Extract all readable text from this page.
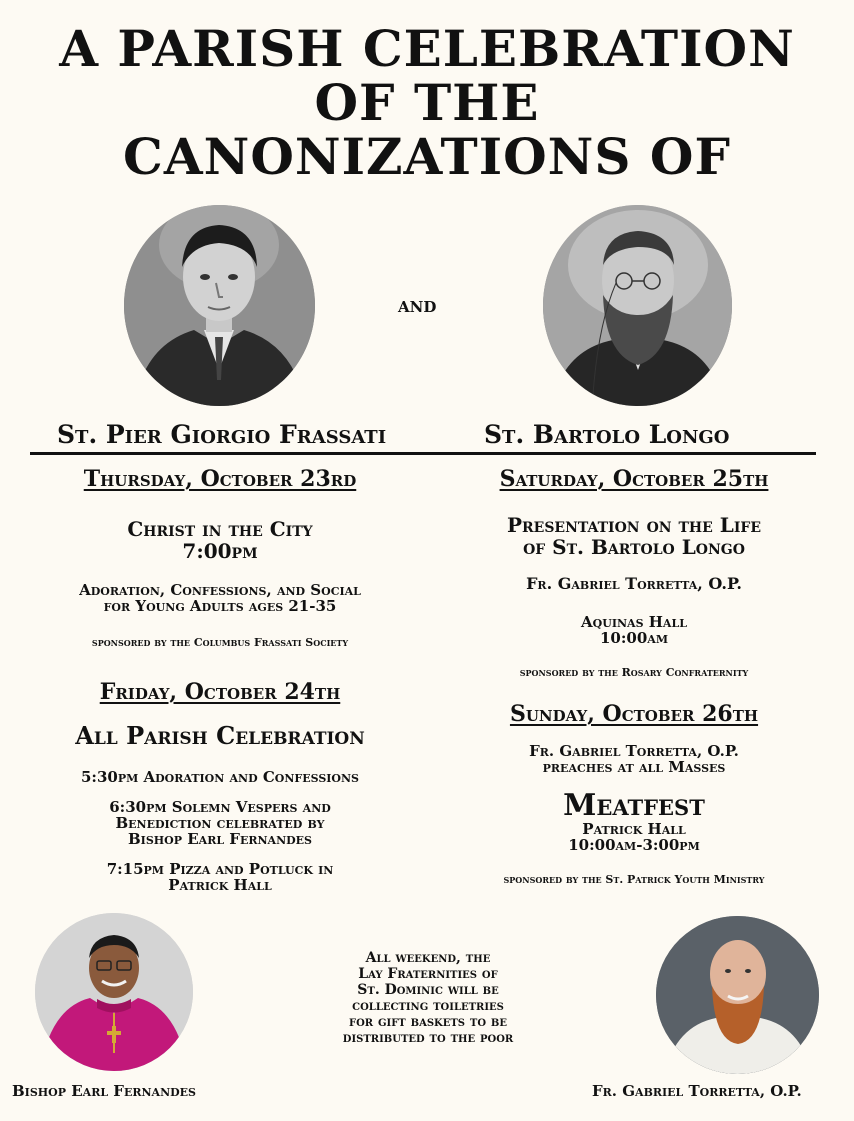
A PARISH CELEBRATION
OF THE
CANONIZATIONS OF
and
St. Pier Giorgio Frassati	St. Bartolo Longo
Thursday, October 23rd
Christ in the City
7:00pm
Adoration, Confessions, and Social
for Young Adults ages 21-35
sponsored by the Columbus Frassati Society
Friday, October 24th
All Parish Celebration
5:30pm Adoration and Confessions
6:30pm Solemn Vespers and
Benediction celebrated by
Bishop Earl Fernandes
7:15pm Pizza and Potluck in
Patrick Hall
Saturday, October 25th
Presentation on the Life
of St. Bartolo Longo
Fr. Gabriel Torretta, O.P.
Aquinas Hall
10:00am
sponsored by the Rosary Confraternity
Sunday, October 26th
Fr. Gabriel Torretta, O.P.
preaches at all Masses
Meatfest
Patrick Hall
10:00am-3:00pm
sponsored by the St. Patrick Youth Ministry
All weekend, the
Lay Fraternities of
St. Dominic will be
collecting toiletries
for gift baskets to be
distributed to the poor
Bishop Earl Fernandes	Fr. Gabriel Torretta, O.P.
